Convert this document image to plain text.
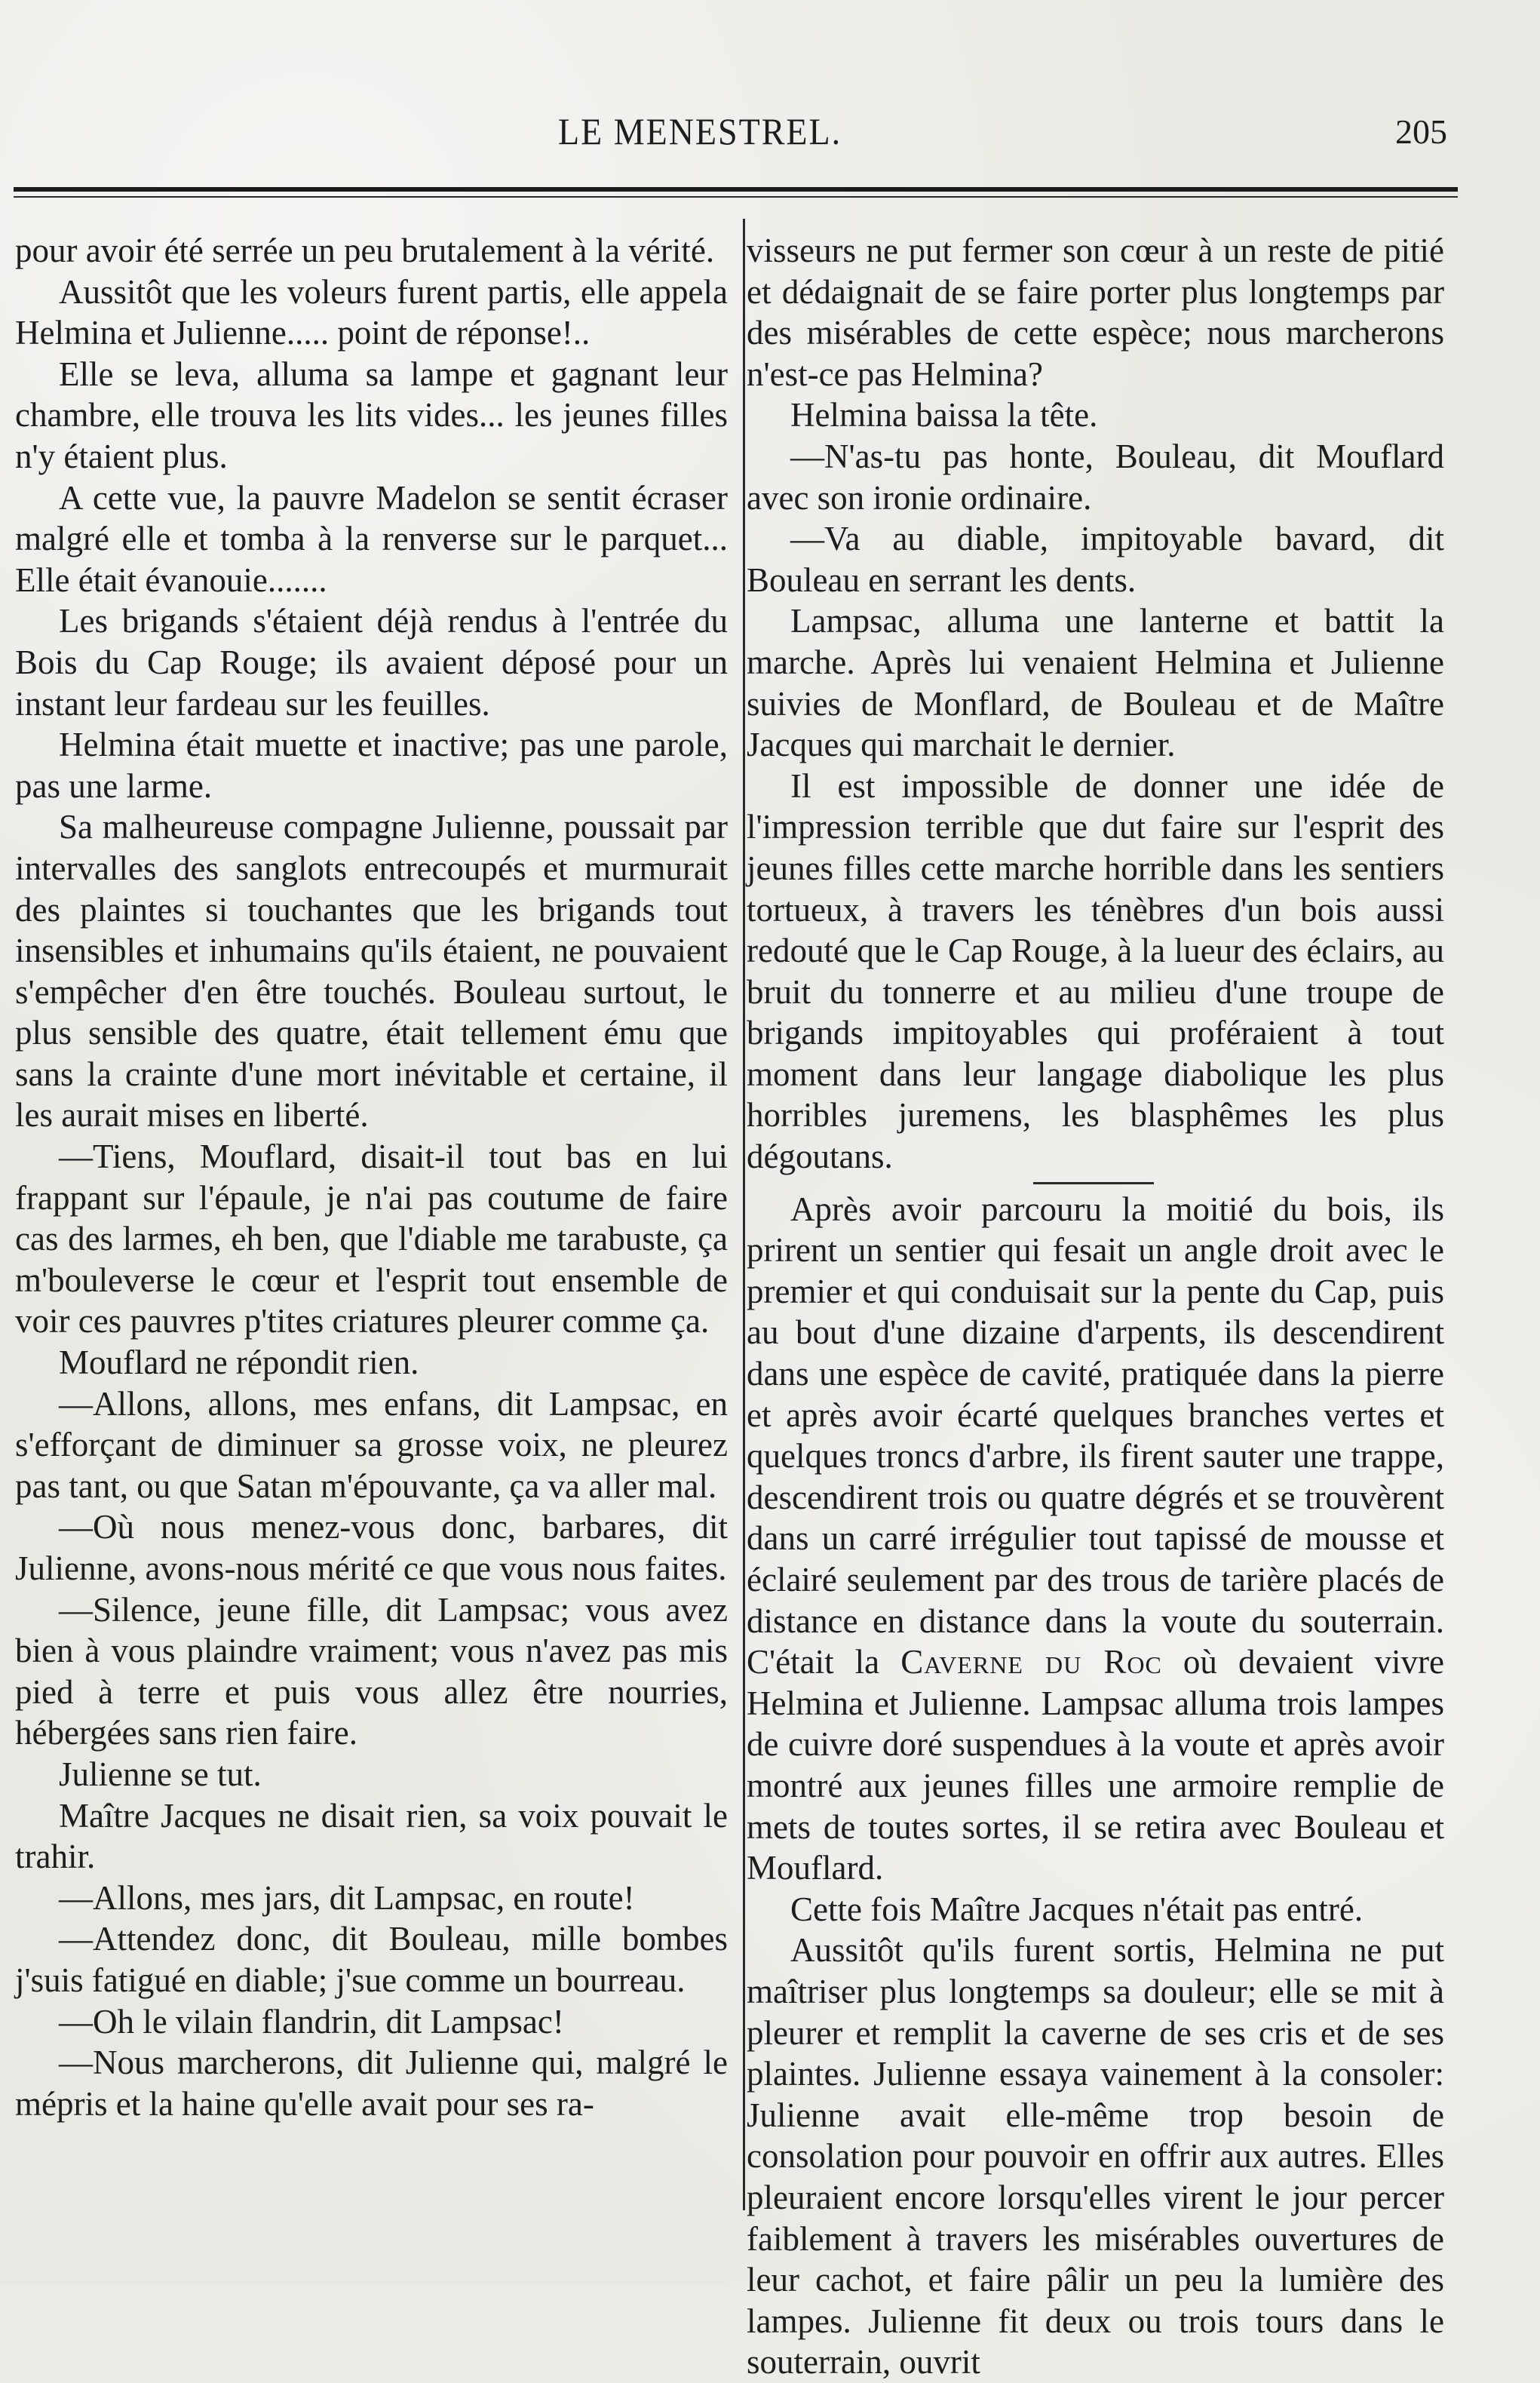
LE MENESTREL.	205

pour avoir été serrée un peu brutalement à la vérité.

Aussitôt que les voleurs furent partis, elle appela Helmina et Julienne..... point de réponse!..

Elle se leva, alluma sa lampe et gagnant leur chambre, elle trouva les lits vides... les jeunes filles n'y étaient plus.

A cette vue, la pauvre Madelon se sentit écraser malgré elle et tomba à la renverse sur le parquet... Elle était évanouie.......

Les brigands s'étaient déjà rendus à l'entrée du Bois du Cap Rouge; ils avaient déposé pour un instant leur fardeau sur les feuilles.

Helmina était muette et inactive; pas une parole, pas une larme.

Sa malheureuse compagne Julienne, poussait par intervalles des sanglots entrecoupés et murmurait des plaintes si touchantes que les brigands tout insensibles et inhumains qu'ils étaient, ne pouvaient s'empêcher d'en être touchés. Bouleau surtout, le plus sensible des quatre, était tellement ému que sans la crainte d'une mort inévitable et certaine, il les aurait mises en liberté.

—Tiens, Mouflard, disait-il tout bas en lui frappant sur l'épaule, je n'ai pas coutume de faire cas des larmes, eh ben, que l'diable me tarabuste, ça m'bouleverse le cœur et l'esprit tout ensemble de voir ces pauvres p'tites criatures pleurer comme ça.

Mouflard ne répondit rien.

—Allons, allons, mes enfans, dit Lampsac, en s'efforçant de diminuer sa grosse voix, ne pleurez pas tant, ou que Satan m'épouvante, ça va aller mal.

—Où nous menez-vous donc, barbares, dit Julienne, avons-nous mérité ce que vous nous faites.

—Silence, jeune fille, dit Lampsac; vous avez bien à vous plaindre vraiment; vous n'avez pas mis pied à terre et puis vous allez être nourries, hébergées sans rien faire.

Julienne se tut.

Maître Jacques ne disait rien, sa voix pouvait le trahir.

—Allons, mes jars, dit Lampsac, en route!

—Attendez donc, dit Bouleau, mille bombes j'suis fatigué en diable; j'sue comme un bourreau.

—Oh le vilain flandrin, dit Lampsac!

—Nous marcherons, dit Julienne qui, malgré le mépris et la haine qu'elle avait pour ses ra-

visseurs ne put fermer son cœur à un reste de pitié et dédaignait de se faire porter plus longtemps par des misérables de cette espèce; nous marcherons n'est-ce pas Helmina?

Helmina baissa la tête.

—N'as-tu pas honte, Bouleau, dit Mouflard avec son ironie ordinaire.

—Va au diable, impitoyable bavard, dit Bouleau en serrant les dents.

Lampsac, alluma une lanterne et battit la marche. Après lui venaient Helmina et Julienne suivies de Monflard, de Bouleau et de Maître Jacques qui marchait le dernier.

Il est impossible de donner une idée de l'impression terrible que dut faire sur l'esprit des jeunes filles cette marche horrible dans les sentiers tortueux, à travers les ténèbres d'un bois aussi redouté que le Cap Rouge, à la lueur des éclairs, au bruit du tonnerre et au milieu d'une troupe de brigands impitoyables qui proféraient à tout moment dans leur langage diabolique les plus horribles juremens, les blasphêmes les plus dégoutans.

Après avoir parcouru la moitié du bois, ils prirent un sentier qui fesait un angle droit avec le premier et qui conduisait sur la pente du Cap, puis au bout d'une dizaine d'arpents, ils descendirent dans une espèce de cavité, pratiquée dans la pierre et après avoir écarté quelques branches vertes et quelques troncs d'arbre, ils firent sauter une trappe, descendirent trois ou quatre dégrés et se trouvèrent dans un carré irrégulier tout tapissé de mousse et éclairé seulement par des trous de tarière placés de distance en distance dans la voute du souterrain. C'était la Caverne du Roc où devaient vivre Helmina et Julienne. Lampsac alluma trois lampes de cuivre doré suspendues à la voute et après avoir montré aux jeunes filles une armoire remplie de mets de toutes sortes, il se retira avec Bouleau et Mouflard.

Cette fois Maître Jacques n'était pas entré.

Aussitôt qu'ils furent sortis, Helmina ne put maîtriser plus longtemps sa douleur; elle se mit à pleurer et remplit la caverne de ses cris et de ses plaintes. Julienne essaya vainement à la consoler: Julienne avait elle-même trop besoin de consolation pour pouvoir en offrir aux autres. Elles pleuraient encore lorsqu'elles virent le jour percer faiblement à travers les misérables ouvertures de leur cachot, et faire pâlir un peu la lumière des lampes. Julienne fit deux ou trois tours dans le souterrain, ouvrit
